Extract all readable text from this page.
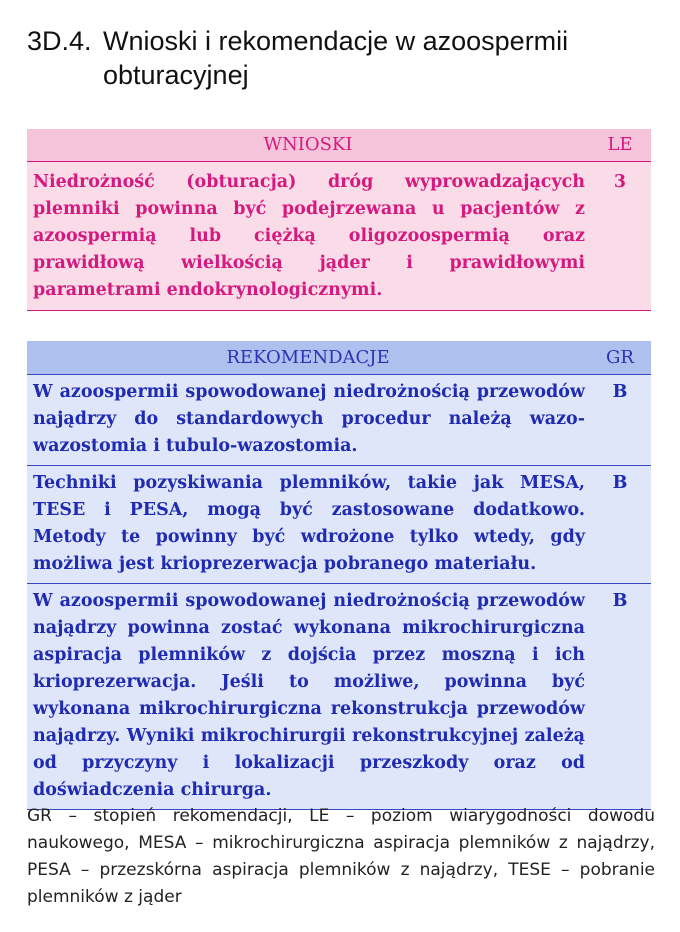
3D.4. Wnioski i rekomendacje w azoospermii obturacyjnej
WNIOSKI	LE
Niedrożność (obturacja) dróg wyprowadzających plemniki powinna być podejrzewana u pacjentów z azoospermią lub ciężką oligozoospermią oraz prawidłową wielkością jąder i prawidłowymi parametrami endokrynologicznymi.	3
REKOMENDACJE	GR
W azoospermii spowodowanej niedrożnością przewodów najądrzy do standardowych procedur należą wazo-wazostomia i tubulo-wazostomia.	B
Techniki pozyskiwania plemników, takie jak MESA, TESE i PESA, mogą być zastosowane dodatkowo. Metody te powinny być wdrożone tylko wtedy, gdy możliwa jest krioprezerwacja pobranego materiału.	B
W azoospermii spowodowanej niedrożnością przewodów najądrzy powinna zostać wykonana mikrochirurgiczna aspiracja plemników z dojścia przez moszną i ich krioprezerwacja. Jeśli to możliwe, powinna być wykonana mikrochirurgiczna rekonstrukcja przewodów najądrzy. Wyniki mikrochirurgii rekonstrukcyjnej zależą od przyczyny i lokalizacji przeszkody oraz od doświadczenia chirurga.	B
GR – stopień rekomendacji, LE – poziom wiarygodności dowodu naukowego, MESA – mikrochirurgiczna aspiracja plemników z najądrzy, PESA – przezskórna aspiracja plemników z najądrzy, TESE – pobranie plemników z jąder
